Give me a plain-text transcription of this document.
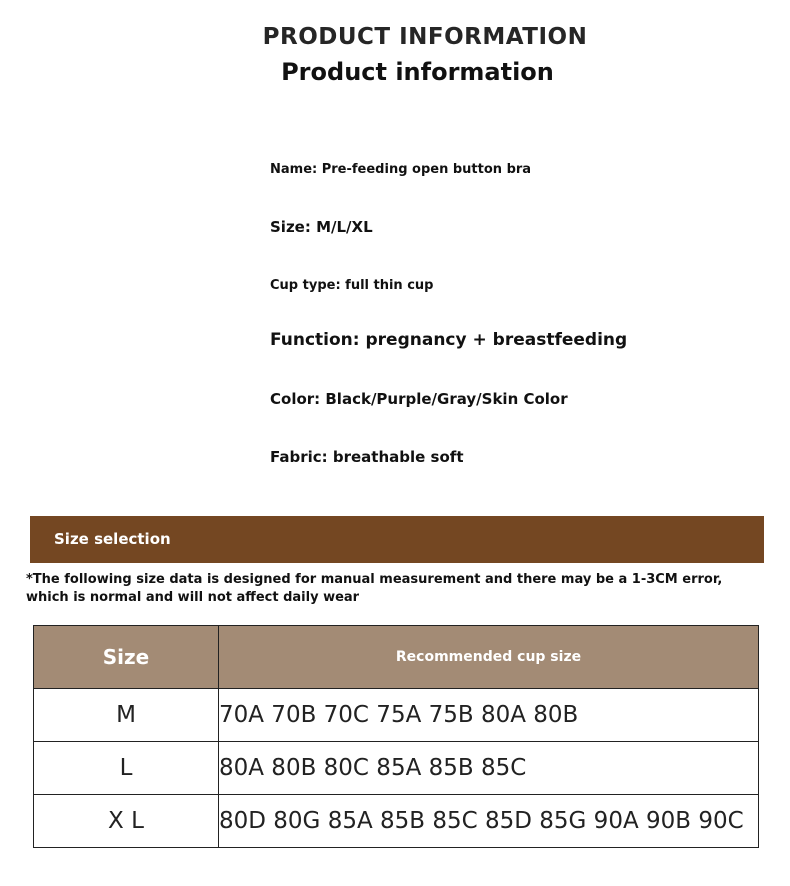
PRODUCT INFORMATION
Product information
Name: Pre-feeding open button bra
Size: M/L/XL
Cup type: full thin cup
Function: pregnancy + breastfeeding
Color: Black/Purple/Gray/Skin Color
Fabric: breathable soft
Size selection
*The following size data is designed for manual measurement and there may be a 1-3CM error, which is normal and will not affect daily wear
Size	Recommended cup size
M	70A 70B 70C 75A 75B 80A 80B
L	80A 80B 80C 85A 85B 85C
X L	80D 80G 85A 85B 85C 85D 85G 90A 90B 90C
